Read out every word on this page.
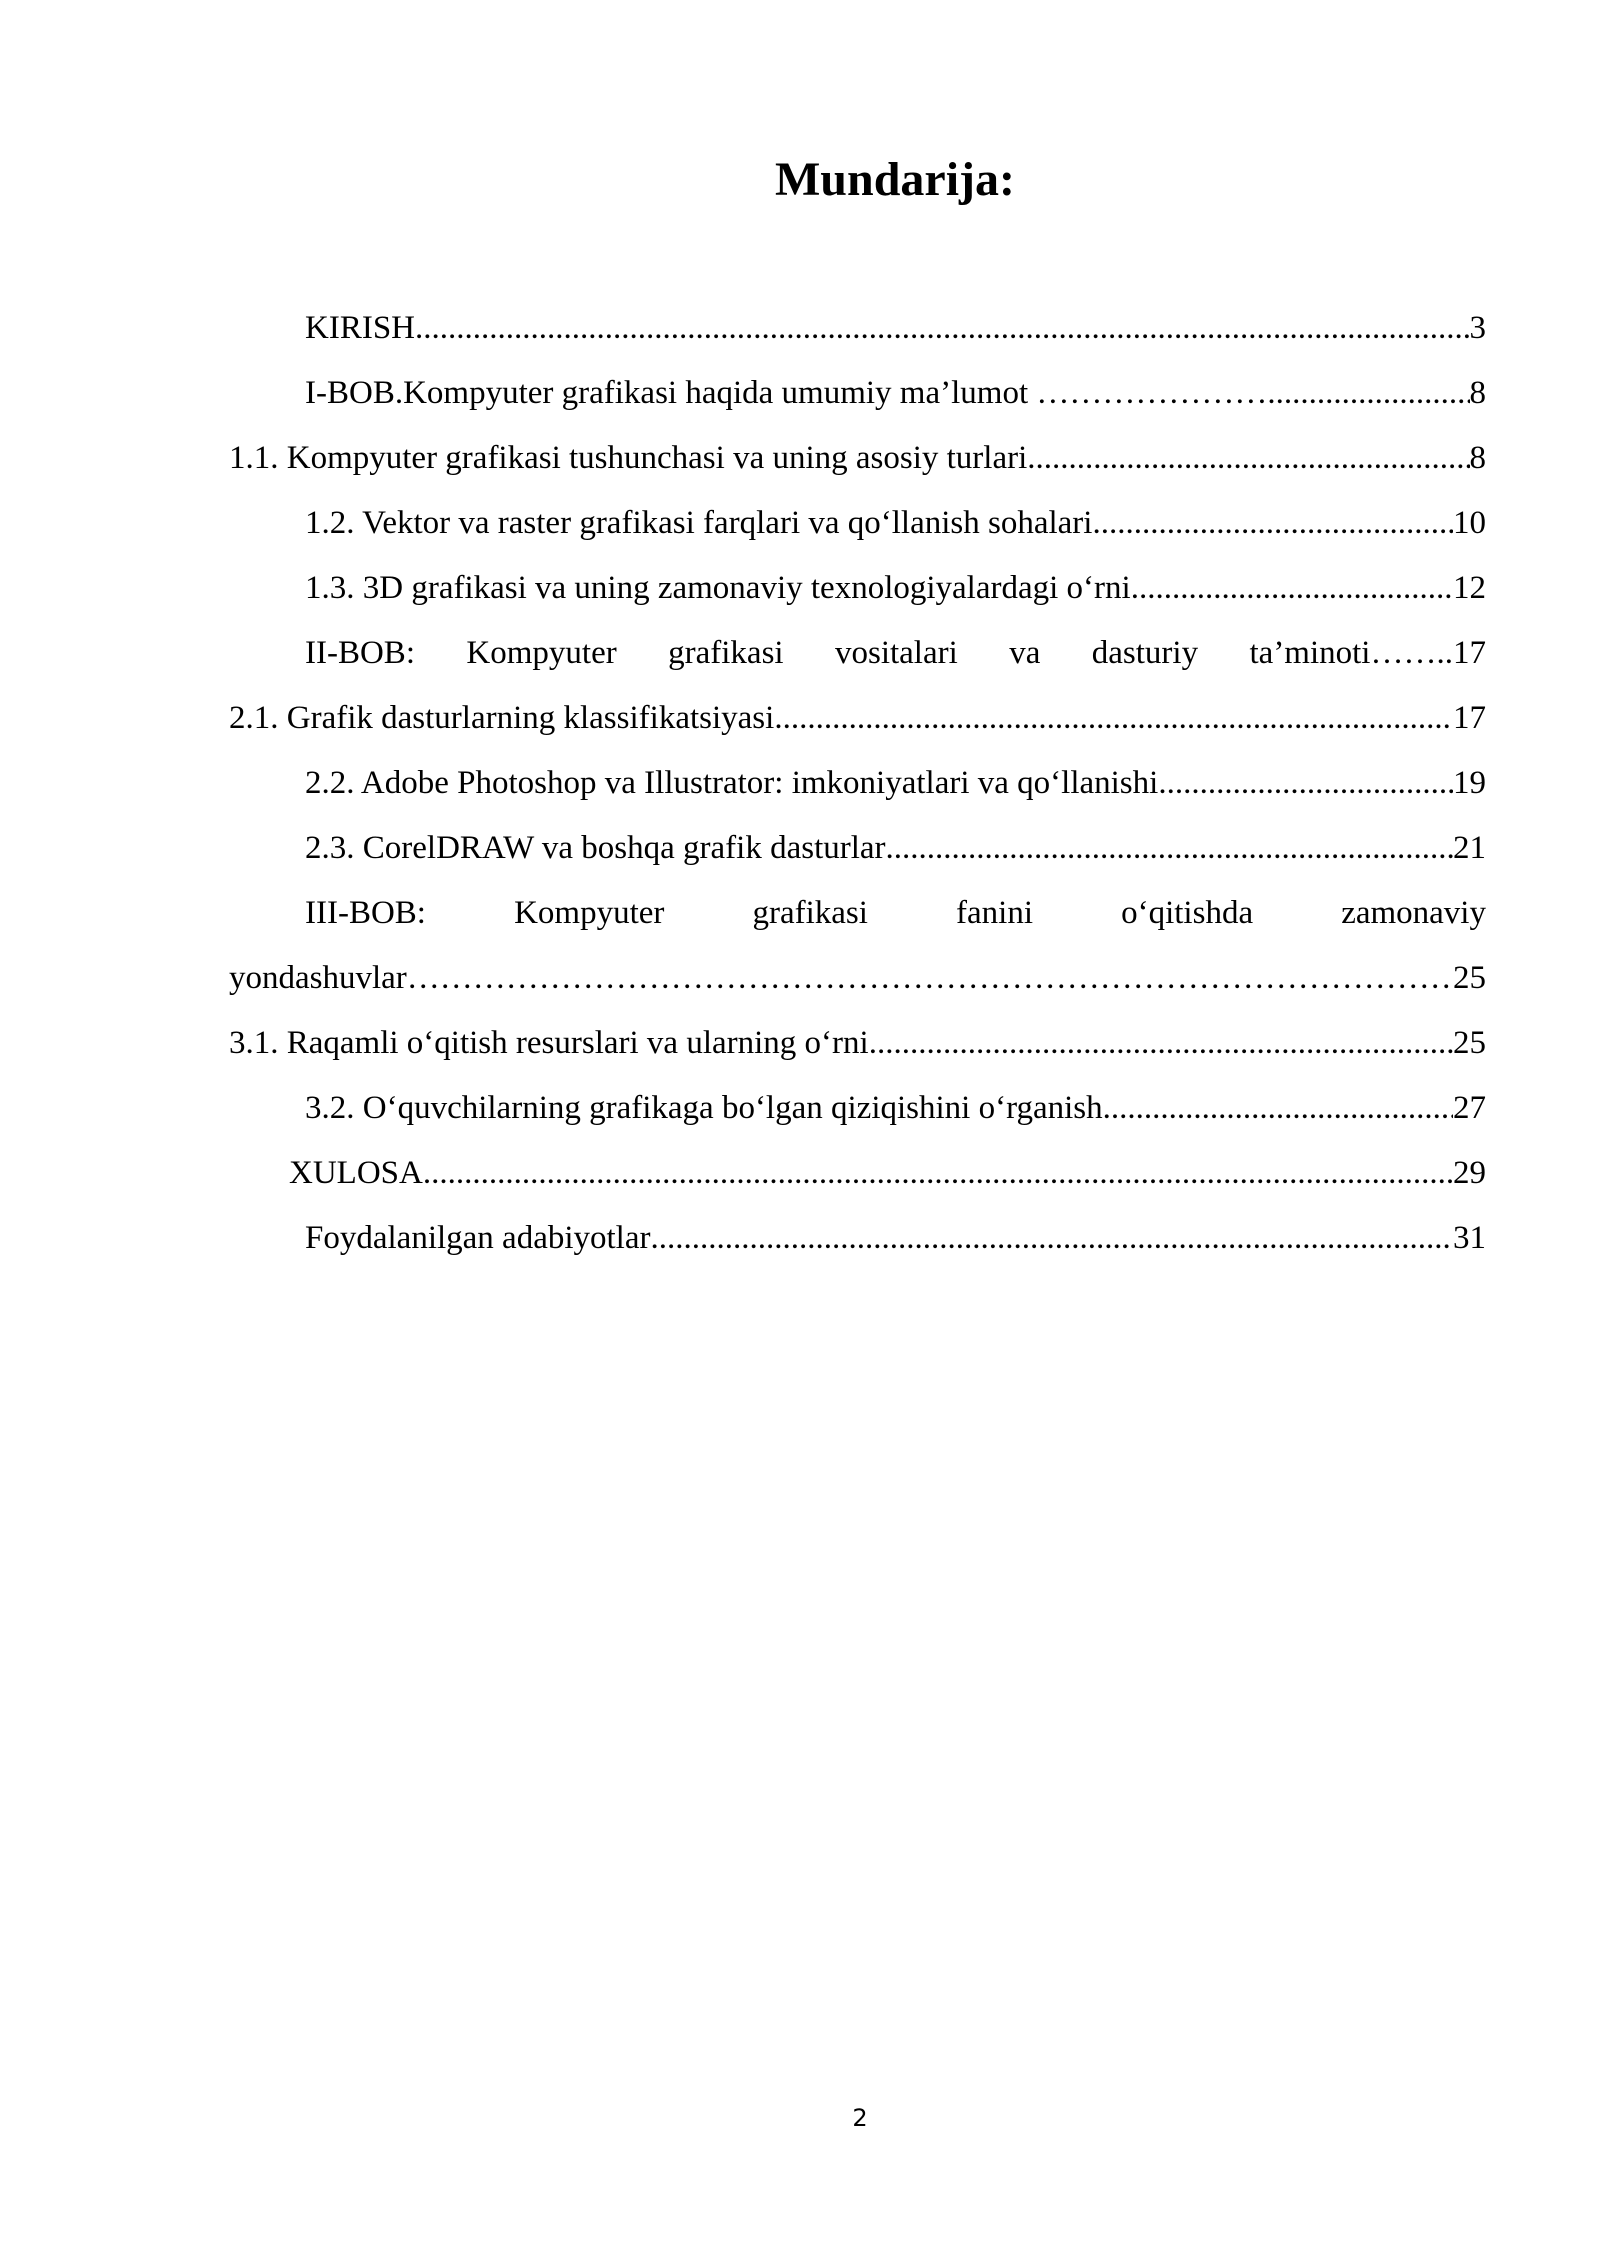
Mundarija:
KIRISH .....	3
I-BOB.Kompyuter grafikasi haqida umumiy ma’lumot …………………. .....	8
1.1. Kompyuter grafikasi tushunchasi va uning asosiy turlari .....	8
1.2. Vektor va raster grafikasi farqlari va qo‘llanish sohalari .....	10
1.3. 3D grafikasi va uning zamonaviy texnologiyalardagi o‘rni .....	12
II-BOB: Kompyuter grafikasi vositalari va dasturiy ta’minoti……..17
2.1. Grafik dasturlarning klassifikatsiyasi .....	17
2.2. Adobe Photoshop va Illustrator: imkoniyatlari va qo‘llanishi .....	19
2.3. CorelDRAW va boshqa grafik dasturlar .....	21
III-BOB:	Kompyuter	grafikasi	fanini	o‘qitishda	zamonaviy
yondashuvlar ……………………………………………………………………………………………………………………………………………………………………………………	25
3.1. Raqamli o‘qitish resurslari va ularning o‘rni .....	25
3.2. O‘quvchilarning grafikaga bo‘lgan qiziqishini o‘rganish .....	27
XULOSA .....	29
Foydalanilgan adabiyotlar .....	31
2
